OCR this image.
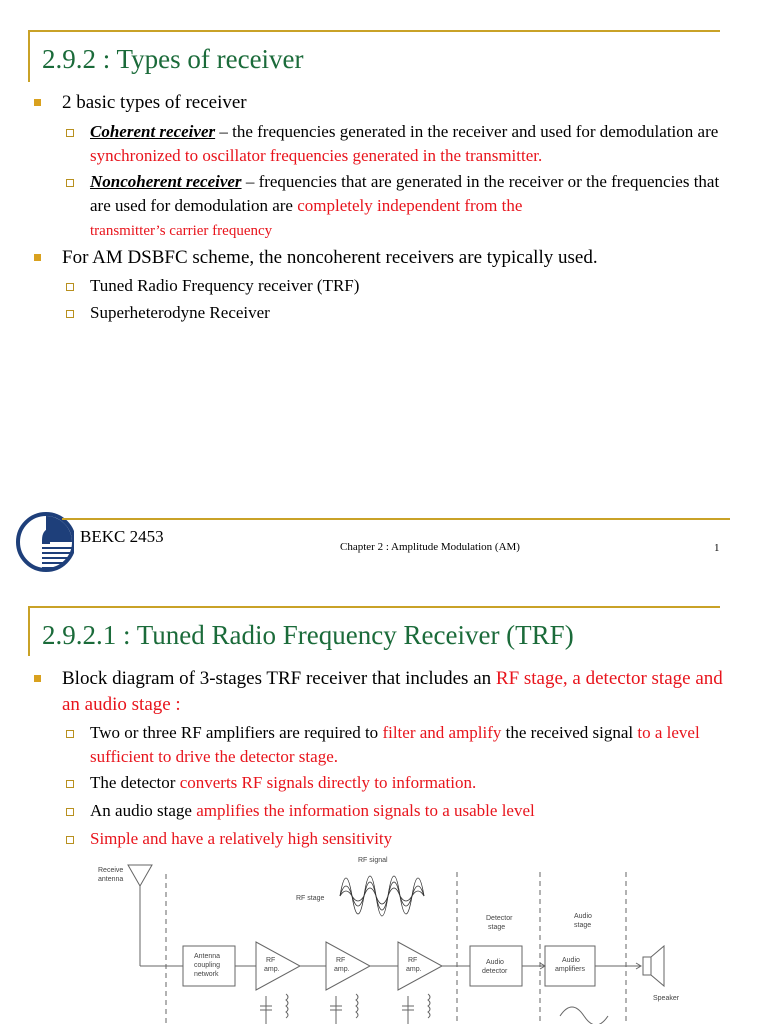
2.9.2 : Types of receiver
2 basic types of receiver
Coherent receiver – the frequencies generated in the receiver and used for demodulation are synchronized to oscillator frequencies generated in the transmitter.
Noncoherent receiver – frequencies that are generated in the receiver or the frequencies that are used for demodulation are completely independent from the
transmitter’s carrier frequency
For AM DSBFC scheme, the noncoherent receivers are typically used.
Tuned Radio Frequency receiver (TRF)
Superheterodyne Receiver
BEKC 2453
Chapter 2 : Amplitude Modulation (AM)	1
2.9.2.1 : Tuned Radio Frequency Receiver (TRF)
Block diagram of 3-stages TRF receiver that includes an RF stage, a detector stage and an audio stage :
Two or three RF amplifiers are required to filter and amplify the received signal to a level sufficient to drive the detector stage.
The detector converts RF signals directly to information.
An audio stage amplifies the information signals to a usable level
Simple and have a relatively high sensitivity
RF signal
RF stage
Receive
antenna
Antenna
coupling
network
RF
amp.
RF
amp.
RF
amp.
Detector
stage
Audio
detector
Audio
stage
Audio
amplifiers
Speaker
